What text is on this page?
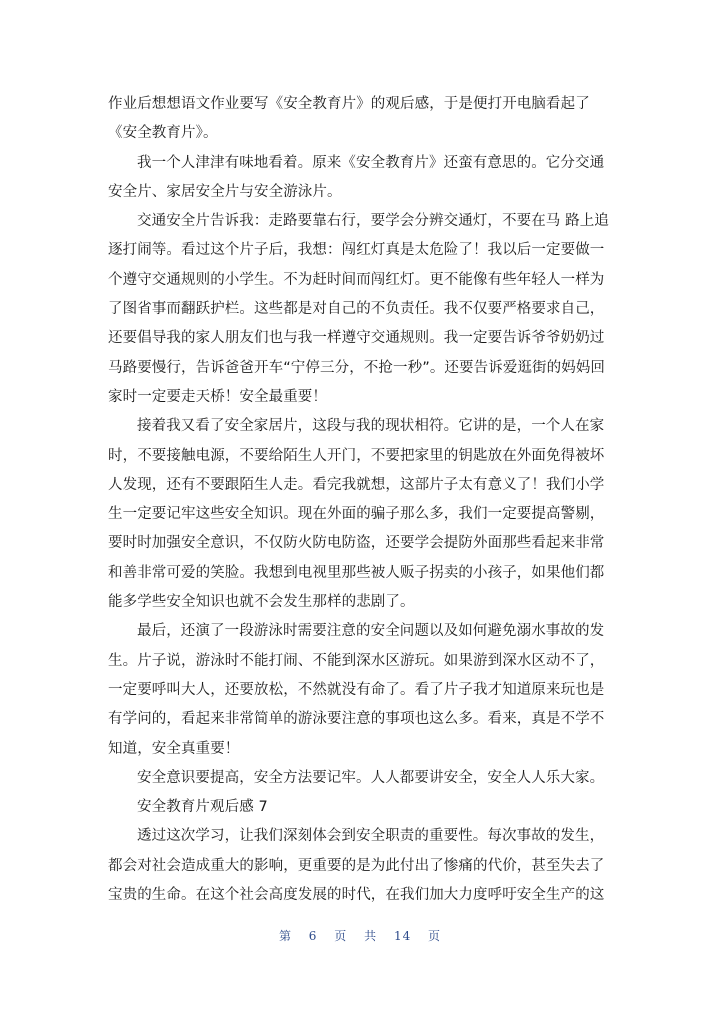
作业后想想语文作业要写《安全教育片》的观后感，于是便打开电脑看起了
《安全教育片》。
我一个人津津有味地看着。原来《安全教育片》还蛮有意思的。它分交通
安全片、家居安全片与安全游泳片。
交通安全片告诉我：走路要靠右行，要学会分辨交通灯，不要在马 路上追
逐打闹等。看过这个片子后，我想：闯红灯真是太危险了！我以后一定要做一
个遵守交通规则的小学生。不为赶时间而闯红灯。更不能像有些年轻人一样为
了图省事而翻跃护栏。这些都是对自己的不负责任。我不仅要严格要求自己，
还要倡导我的家人朋友们也与我一样遵守交通规则。我一定要告诉爷爷奶奶过
马路要慢行，告诉爸爸开车“宁停三分，不抢一秒”。还要告诉爱逛街的妈妈回
家时一定要走天桥！安全最重要！
接着我又看了安全家居片，这段与我的现状相符。它讲的是，一个人在家
时，不要接触电源，不要给陌生人开门，不要把家里的钥匙放在外面免得被坏
人发现，还有不要跟陌生人走。看完我就想，这部片子太有意义了！我们小学
生一定要记牢这些安全知识。现在外面的骗子那么多，我们一定要提高警剔，
要时时加强安全意识，不仅防火防电防盗，还要学会提防外面那些看起来非常
和善非常可爱的笑脸。我想到电视里那些被人贩子拐卖的小孩子，如果他们都
能多学些安全知识也就不会发生那样的悲剧了。
最后，还演了一段游泳时需要注意的安全问题以及如何避免溺水事故的发
生。片子说，游泳时不能打闹、不能到深水区游玩。如果游到深水区动不了，
一定要呼叫大人，还要放松，不然就没有命了。看了片子我才知道原来玩也是
有学问的，看起来非常简单的游泳要注意的事项也这么多。看来，真是不学不
知道，安全真重要！
安全意识要提高，安全方法要记牢。人人都要讲安全，安全人人乐大家。
安全教育片观后感 7
透过这次学习，让我们深刻体会到安全职责的重要性。每次事故的发生，
都会对社会造成重大的影响，更重要的是为此付出了惨痛的代价，甚至失去了
宝贵的生命。在这个社会高度发展的时代，在我们加大力度呼吁安全生产的这
第 6 页 共 14 页
